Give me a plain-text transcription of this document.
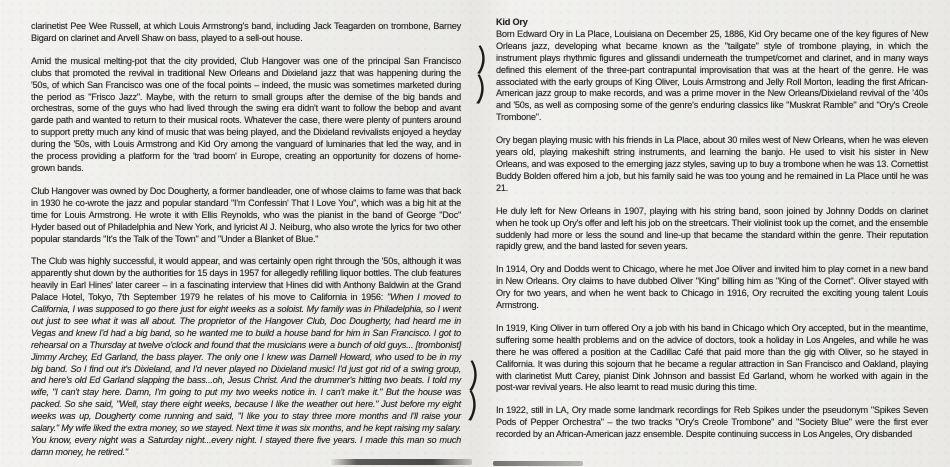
clarinetist Pee Wee Russell, at which Louis Armstrong's band, including Jack Teagarden on trombone, Barney Bigard on clarinet and Arvell Shaw on bass, played to a sell-out house.

Amid the musical melting-pot that the city provided, Club Hangover was one of the principal San Francisco clubs that promoted the revival in traditional New Orleans and Dixieland jazz that was happening during the '50s, of which San Francisco was one of the focal points – indeed, the music was sometimes marketed during the period as "Frisco Jazz". Maybe, with the return to small groups after the demise of the big bands and orchestras, some of the guys who had lived through the swing era didn't want to follow the bebop and avant garde path and wanted to return to their musical roots. Whatever the case, there were plenty of punters around to support pretty much any kind of music that was being played, and the Dixieland revivalists enjoyed a heyday during the '50s, with Louis Armstrong and Kid Ory among the vanguard of luminaries that led the way, and in the process providing a platform for the 'trad boom' in Europe, creating an opportunity for dozens of home-grown bands.

Club Hangover was owned by Doc Dougherty, a former bandleader, one of whose claims to fame was that back in 1930 he co-wrote the jazz and popular standard "I'm Confessin' That I Love You", which was a big hit at the time for Louis Armstrong. He wrote it with Ellis Reynolds, who was the pianist in the band of George "Doc" Hyder based out of Philadelphia and New York, and lyricist Al J. Neiburg, who also wrote the lyrics for two other popular standards "It's the Talk of the Town" and "Under a Blanket of Blue."

The Club was highly successful, it would appear, and was certainly open right through the '50s, although it was apparently shut down by the authorities for 15 days in 1957 for allegedly refilling liquor bottles. The club features heavily in Earl Hines' later career – in a fascinating interview that Hines did with Anthony Baldwin at the Grand Palace Hotel, Tokyo, 7th September 1979 he relates of his move to California in 1956: "When I moved to California, I was supposed to go there just for eight weeks as a soloist. My family was in Philadelphia, so I went out just to see what it was all about. The proprietor of the Hangover Club, Doc Dougherty, had heard me in Vegas and knew I'd had a big band, so he wanted me to build a house band for him in San Francisco. I got to rehearsal on a Thursday at twelve o'clock and found that the musicians were a bunch of old guys... [trombonist] Jimmy Archey, Ed Garland, the bass player. The only one I knew was Darnell Howard, who used to be in my big band. So I find out it's Dixieland, and I'd never played no Dixieland music! I'd just got rid of a swing group, and here's old Ed Garland slapping the bass...oh, Jesus Christ. And the drummer's hitting two beats. I told my wife, "I can't stay here. Damn, I'm going to put my two weeks notice in. I can't make it." But the house was packed. So she said, "Well, stay there eight weeks, because I like the weather out here." Just before my eight weeks was up, Dougherty come running and said, "I like you to stay three more months and I'll raise your salary." My wife liked the extra money, so we stayed. Next time it was six months, and he kept raising my salary. You know, every night was a Saturday night...every night. I stayed there five years. I made this man so much damn money, he retired."

Kid Ory
Born Edward Ory in La Place, Louisiana on December 25, 1886, Kid Ory became one of the key figures of New Orleans jazz, developing what became known as the "tailgate" style of trombone playing, in which the instrument plays rhythmic figures and glissandi underneath the trumpet/cornet and clarinet, and in many ways defined this element of the three-part contrapuntal improvisation that was at the heart of the genre. He was associated with the early groups of King Oliver, Louis Armstrong and Jelly Roll Morton, leading the first African-American jazz group to make records, and was a prime mover in the New Orleans/Dixieland revival of the '40s and '50s, as well as composing some of the genre's enduring classics like "Muskrat Ramble" and "Ory's Creole Trombone".

Ory began playing music with his friends in La Place, about 30 miles west of New Orleans, when he was eleven years old, playing makeshift string instruments, and learning the banjo. He used to visit his sister in New Orleans, and was exposed to the emerging jazz styles, saving up to buy a trombone when he was 13. Cornettist Buddy Bolden offered him a job, but his family said he was too young and he remained in La Place until he was 21.

He duly left for New Orleans in 1907, playing with his string band, soon joined by Johnny Dodds on clarinet when he took up Ory's offer and left his job on the streetcars. Their violinist took up the cornet, and the ensemble suddenly had more or less the sound and line-up that became the standard within the genre. Their reputation rapidly grew, and the band lasted for seven years.

In 1914, Ory and Dodds went to Chicago, where he met Joe Oliver and invited him to play cornet in a new band in New Orleans. Ory claims to have dubbed Oliver "King" billing him as "King of the Cornet". Oliver stayed with Ory for two years, and when he went back to Chicago in 1916, Ory recruited the exciting young talent Louis Armstrong.

In 1919, King Oliver in turn offered Ory a job with his band in Chicago which Ory accepted, but in the meantime, suffering some health problems and on the advice of doctors, took a holiday in Los Angeles, and while he was there he was offered a position at the Cadillac Café that paid more than the gig with Oliver, so he stayed in California. It was during this sojourn that he became a regular attraction in San Francisco and Oakland, playing with clarinetist Mutt Carey, pianist Dink Johnson and bassist Ed Garland, whom he worked with again in the post-war revival years. He also learnt to read music during this time.

In 1922, still in LA, Ory made some landmark recordings for Reb Spikes under the pseudonym "Spikes Seven Pods of Pepper Orchestra" – the two tracks "Ory's Creole Trombone" and "Society Blue" were the first ever recorded by an African-American jazz ensemble. Despite continuing success in Los Angeles, Ory disbanded
